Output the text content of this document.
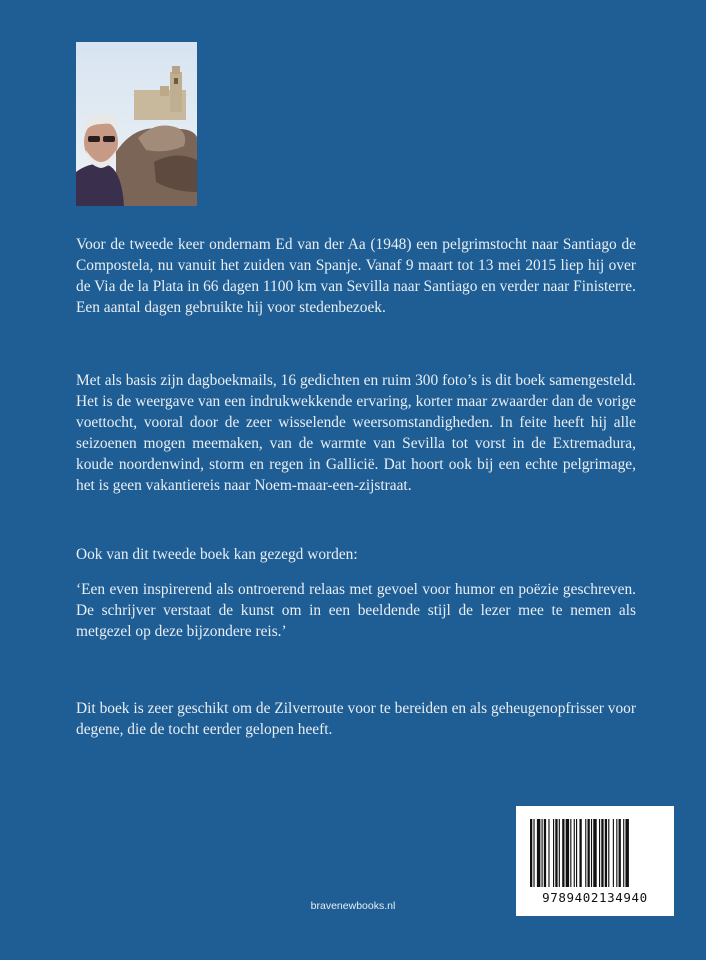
Voor de tweede keer ondernam Ed van der Aa (1948) een pelgrimstocht naar Santiago de Compostela, nu vanuit het zuiden van Spanje. Vanaf 9 maart tot 13 mei 2015 liep hij over de Via de la Plata in 66 dagen 1100 km van Sevilla naar Santiago en verder naar Finisterre. Een aantal dagen gebruikte hij voor stedenbezoek.

Met als basis zijn dagboekmails, 16 gedichten en ruim 300 foto’s is dit boek samengesteld. Het is de weergave van een indrukwekkende ervaring, korter maar zwaarder dan de vorige voettocht, vooral door de zeer wisselende weersomstandigheden. In feite heeft hij alle seizoenen mogen meemaken, van de warmte van Sevilla tot vorst in de Extremadura, koude noordenwind, storm en regen in Gallicië. Dat hoort ook bij een echte pelgrimage, het is geen vakantiereis naar Noem-maar-een-zijstraat.

Ook van dit tweede boek kan gezegd worden:

‘Een even inspirerend als ontroerend relaas met gevoel voor humor en poëzie geschreven. De schrijver verstaat de kunst om in een beeldende stijl de lezer mee te nemen als metgezel op deze bijzondere reis.’

Dit boek is zeer geschikt om de Zilverroute voor te bereiden en als geheugenopfrisser voor degene, die de tocht eerder gelopen heeft.

9789402134940
bravenewbooks.nl
